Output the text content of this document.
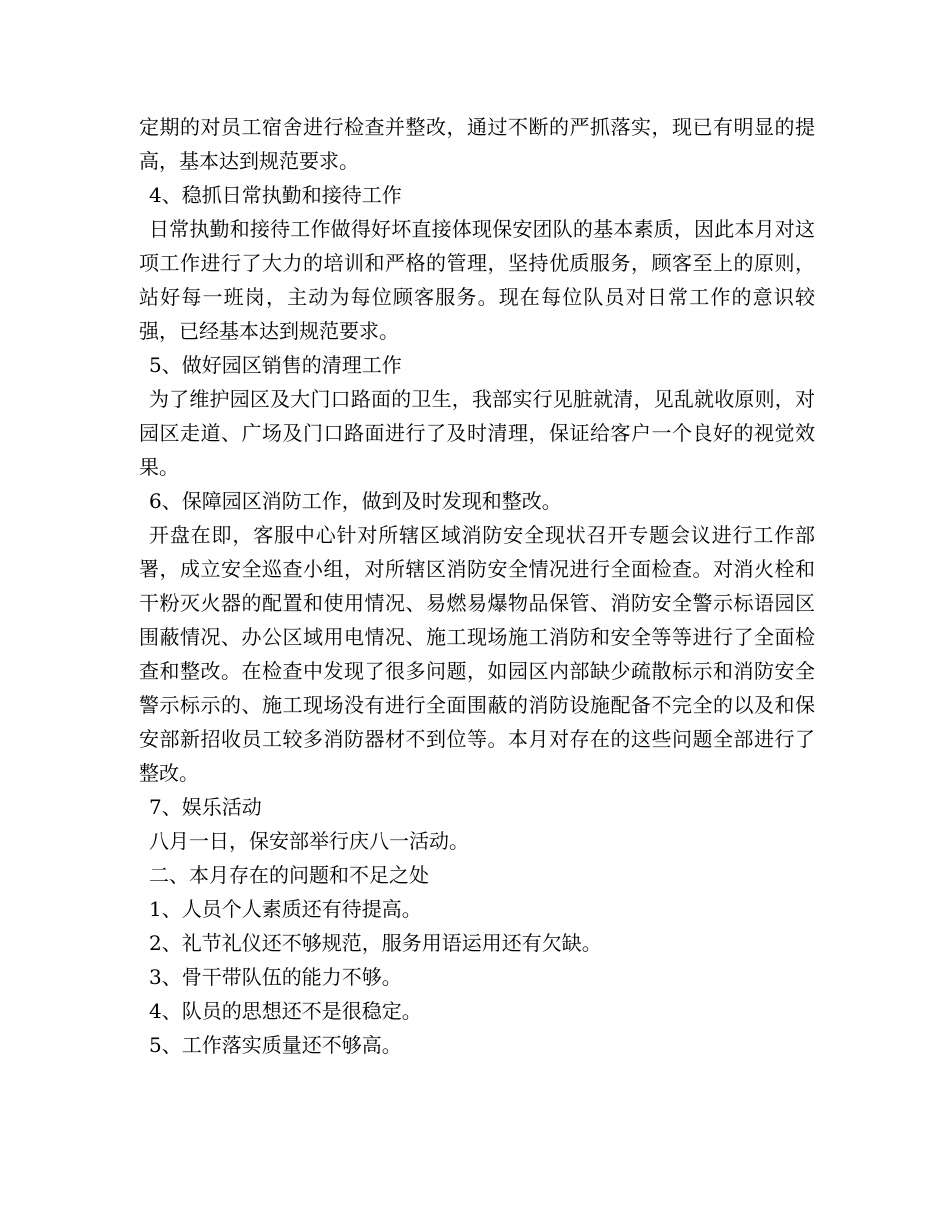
定期的对员工宿舍进行检查并整改，通过不断的严抓落实，现已有明显的提高，基本达到规范要求。

4、稳抓日常执勤和接待工作

日常执勤和接待工作做得好坏直接体现保安团队的基本素质，因此本月对这项工作进行了大力的培训和严格的管理，坚持优质服务，顾客至上的原则，站好每一班岗，主动为每位顾客服务。现在每位队员对日常工作的意识较强，已经基本达到规范要求。

5、做好园区销售的清理工作

为了维护园区及大门口路面的卫生，我部实行见脏就清，见乱就收原则，对园区走道、广场及门口路面进行了及时清理，保证给客户一个良好的视觉效果。

6、保障园区消防工作，做到及时发现和整改。

开盘在即，客服中心针对所辖区域消防安全现状召开专题会议进行工作部署，成立安全巡查小组，对所辖区消防安全情况进行全面检查。对消火栓和干粉灭火器的配置和使用情况、易燃易爆物品保管、消防安全警示标语园区围蔽情况、办公区域用电情况、施工现场施工消防和安全等等进行了全面检查和整改。在检查中发现了很多问题，如园区内部缺少疏散标示和消防安全警示标示的、施工现场没有进行全面围蔽的消防设施配备不完全的以及和保安部新招收员工较多消防器材不到位等。本月对存在的这些问题全部进行了整改。

7、娱乐活动

八月一日，保安部举行庆八一活动。

二、本月存在的问题和不足之处

1、人员个人素质还有待提高。

2、礼节礼仪还不够规范，服务用语运用还有欠缺。

3、骨干带队伍的能力不够。

4、队员的思想还不是很稳定。

5、工作落实质量还不够高。
